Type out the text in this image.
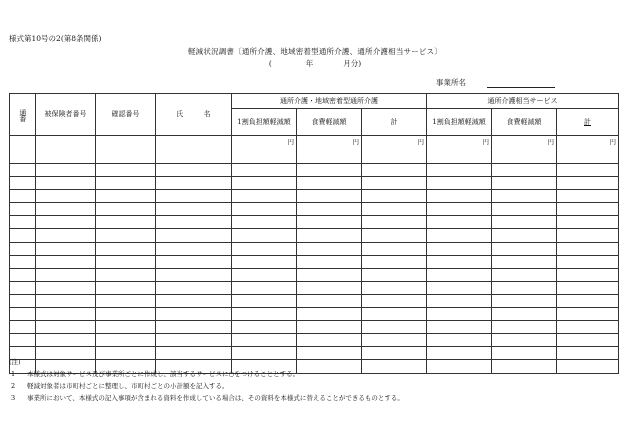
様式第10号の2(第8条関係)
軽減状況調書〔通所介護、地域密着型通所介護、通所介護相当サービス〕
(	年	月分)
事業所名
通番	被保険者番号	確認番号	氏 名	通所介護・地域密着型通所介護			通所介護相当サービス		
				1割負担額軽減額	食費軽減額	計	1割負担額軽減額	食費軽減額	計
				円	円	円	円	円	円

(注)
1	本様式は対象サービス及び事業所ごとに作成し、該当するサービスに○をつけることとする。
2	軽減対象者は市町村ごとに整理し、市町村ごとの小計額を記入する。
3	事業所において、本様式の記入事項が含まれる資料を作成している場合は、その資料を本様式に替えることができるものとする。
